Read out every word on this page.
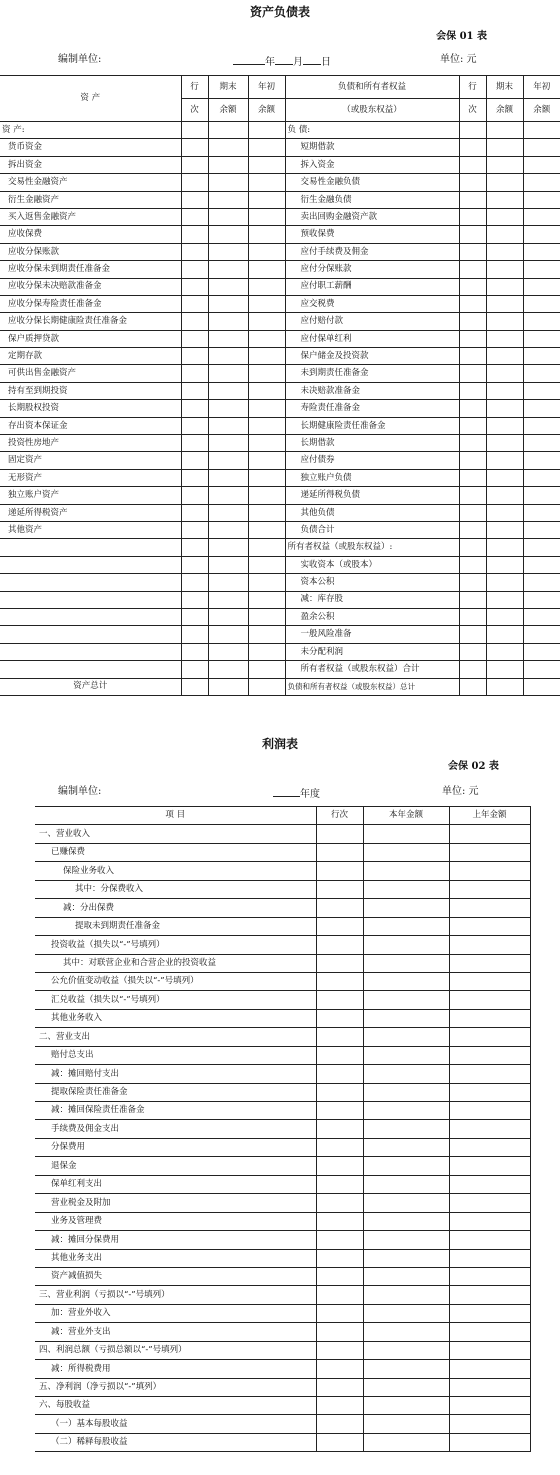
资产负债表
会保 01 表
编制单位:	年 月 日	单位: 元
资 产	行	期末	年初	负债和所有者权益	行	期末	年初
	次	余额	余额	（或股东权益）	次	余额	余额
资 产:				负 债:			
货币资金				短期借款			
拆出资金				拆入资金			
交易性金融资产				交易性金融负债			
衍生金融资产				衍生金融负债			
买入返售金融资产				卖出回购金融资产款			
应收保费				预收保费			
应收分保账款				应付手续费及佣金			
应收分保未到期责任准备金				应付分保账款			
应收分保未决赔款准备金				应付职工薪酬			
应收分保寿险责任准备金				应交税费			
应收分保长期健康险责任准备金				应付赔付款			
保户质押贷款				应付保单红利			
定期存款				保户储金及投资款			
可供出售金融资产				未到期责任准备金			
持有至到期投资				未决赔款准备金			
长期股权投资				寿险责任准备金			
存出资本保证金				长期健康险责任准备金			
投资性房地产				长期借款			
固定资产				应付债券			
无形资产				独立账户负债			
独立账户资产				递延所得税负债			
递延所得税资产				其他负债			
其他资产				负债合计			
				所有者权益（或股东权益）:			
				实收资本（或股本）			
				资本公积			
				减：库存股			
				盈余公积			
				一般风险准备			
				未分配利润			
				所有者权益（或股东权益）合计			
资产总计				负债和所有者权益（或股东权益）总计			
利润表
会保 02 表
编制单位:	年度	单位: 元
项 目	行次	本年金额	上年金额
一、营业收入			
已赚保费			
保险业务收入			
其中：分保费收入			
减：分出保费			
提取未到期责任准备金			
投资收益（损失以“-”号填列）			
其中：对联营企业和合营企业的投资收益			
公允价值变动收益（损失以“-”号填列）			
汇兑收益（损失以“-”号填列）			
其他业务收入			
二、营业支出			
赔付总支出			
减：摊回赔付支出			
提取保险责任准备金			
减：摊回保险责任准备金			
手续费及佣金支出			
分保费用			
退保金			
保单红利支出			
营业税金及附加			
业务及管理费			
减：摊回分保费用			
其他业务支出			
资产减值损失			
三、营业利润（亏损以“-”号填列）			
加：营业外收入			
减：营业外支出			
四、利润总额（亏损总额以“-”号填列）			
减：所得税费用			
五、净利润（净亏损以“-”填列）			
六、每股收益			
（一）基本每股收益			
（二）稀释每股收益			
